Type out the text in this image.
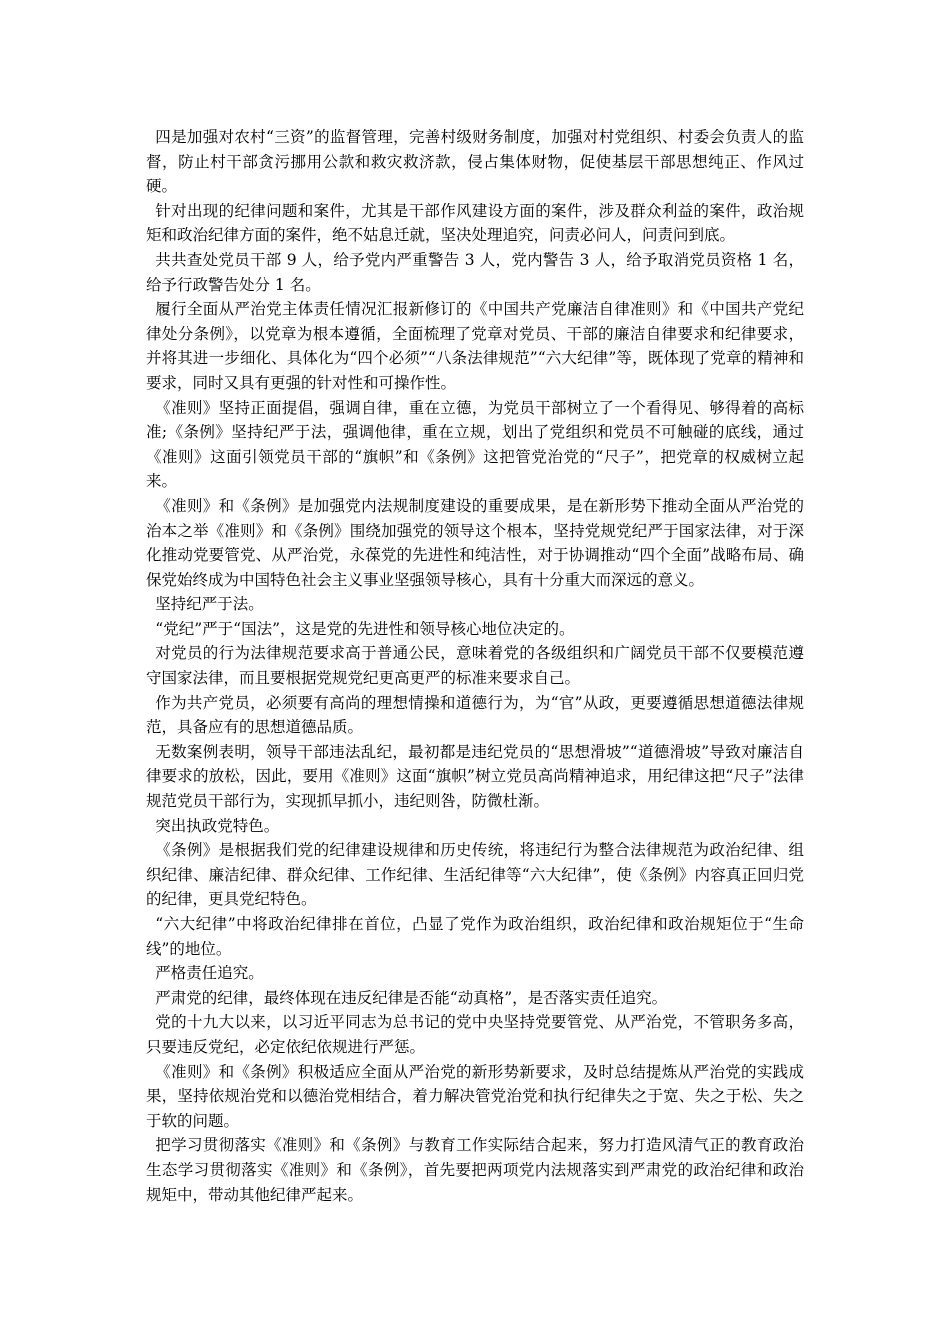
四是加强对农村“三资”的监督管理，完善村级财务制度，加强对村党组织、村委会负责人的监督，防止村干部贪污挪用公款和救灾救济款，侵占集体财物，促使基层干部思想纯正、作风过硬。

针对出现的纪律问题和案件，尤其是干部作风建设方面的案件，涉及群众利益的案件，政治规矩和政治纪律方面的案件，绝不姑息迁就，坚决处理追究，问责必问人，问责问到底。

共共查处党员干部 9 人，给予党内严重警告 3 人，党内警告 3 人，给予取消党员资格 1 名，给予行政警告处分 1 名。

履行全面从严治党主体责任情况汇报新修订的《中国共产党廉洁自律准则》和《中国共产党纪律处分条例》，以党章为根本遵循，全面梳理了党章对党员、干部的廉洁自律要求和纪律要求，并将其进一步细化、具体化为“四个必须”“八条法律规范”“六大纪律”等，既体现了党章的精神和要求，同时又具有更强的针对性和可操作性。

《准则》坚持正面提倡，强调自律，重在立德，为党员干部树立了一个看得见、够得着的高标准;《条例》坚持纪严于法，强调他律，重在立规，划出了党组织和党员不可触碰的底线，通过《准则》这面引领党员干部的“旗帜”和《条例》这把管党治党的“尺子”，把党章的权威树立起来。

《准则》和《条例》是加强党内法规制度建设的重要成果，是在新形势下推动全面从严治党的治本之举《准则》和《条例》围绕加强党的领导这个根本，坚持党规党纪严于国家法律，对于深化推动党要管党、从严治党，永葆党的先进性和纯洁性，对于协调推动“四个全面”战略布局、确保党始终成为中国特色社会主义事业坚强领导核心，具有十分重大而深远的意义。

坚持纪严于法。

“党纪”严于“国法”，这是党的先进性和领导核心地位决定的。

对党员的行为法律规范要求高于普通公民，意味着党的各级组织和广阔党员干部不仅要模范遵守国家法律，而且要根据党规党纪更高更严的标准来要求自己。

作为共产党员，必须要有高尚的理想情操和道德行为，为“官”从政，更要遵循思想道德法律规范，具备应有的思想道德品质。

无数案例表明，领导干部违法乱纪，最初都是违纪党员的“思想滑坡”“道德滑坡”导致对廉洁自律要求的放松，因此，要用《准则》这面“旗帜”树立党员高尚精神追求，用纪律这把“尺子”法律规范党员干部行为，实现抓早抓小，违纪则咎，防微杜渐。

突出执政党特色。

《条例》是根据我们党的纪律建设规律和历史传统，将违纪行为整合法律规范为政治纪律、组织纪律、廉洁纪律、群众纪律、工作纪律、生活纪律等“六大纪律”，使《条例》内容真正回归党的纪律，更具党纪特色。

“六大纪律”中将政治纪律排在首位，凸显了党作为政治组织，政治纪律和政治规矩位于“生命线”的地位。

严格责任追究。

严肃党的纪律，最终体现在违反纪律是否能“动真格”，是否落实责任追究。

党的十九大以来，以习近平同志为总书记的党中央坚持党要管党、从严治党，不管职务多高，只要违反党纪，必定依纪依规进行严惩。

《准则》和《条例》积极适应全面从严治党的新形势新要求，及时总结提炼从严治党的实践成果，坚持依规治党和以德治党相结合，着力解决管党治党和执行纪律失之于宽、失之于松、失之于软的问题。

把学习贯彻落实《准则》和《条例》与教育工作实际结合起来，努力打造风清气正的教育政治生态学习贯彻落实《准则》和《条例》，首先要把两项党内法规落实到严肃党的政治纪律和政治规矩中，带动其他纪律严起来。
